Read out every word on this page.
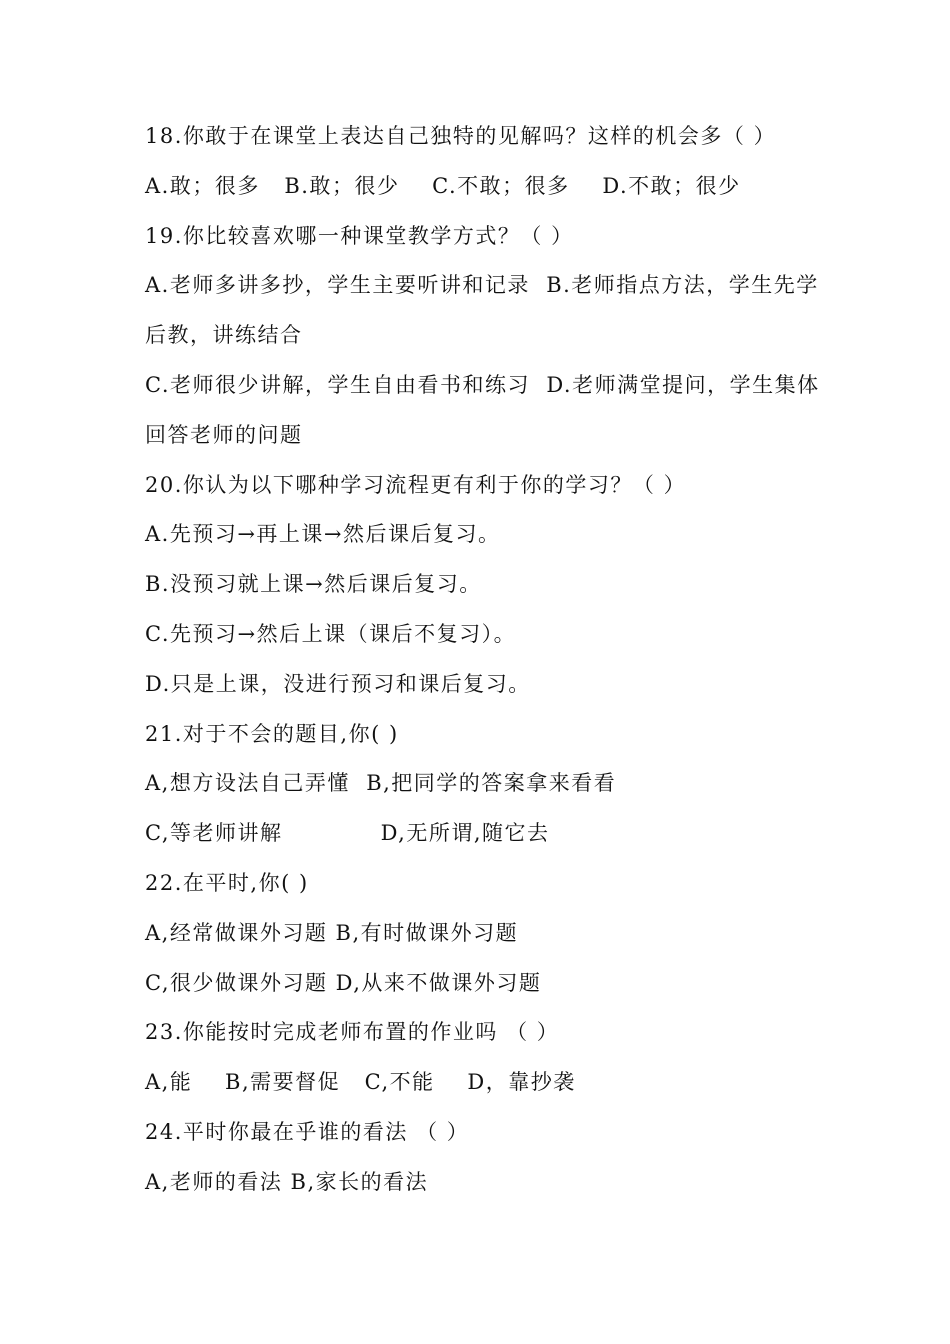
18.你敢于在课堂上表达自己独特的见解吗？这样的机会多（ ）
A.敢；很多   B.敢；很少    C.不敢；很多    D.不敢；很少
19.你比较喜欢哪一种课堂教学方式？（ ）
A.老师多讲多抄，学生主要听讲和记录  B.老师指点方法，学生先学
后教，讲练结合
C.老师很少讲解，学生自由看书和练习  D.老师满堂提问，学生集体
回答老师的问题
20.你认为以下哪种学习流程更有利于你的学习？（ ）
A.先预习→再上课→然后课后复习。
B.没预习就上课→然后课后复习。
C.先预习→然后上课（课后不复习）。
D.只是上课，没进行预习和课后复习。
21.对于不会的题目,你( )
A,想方设法自己弄懂  B,把同学的答案拿来看看
C,等老师讲解            D,无所谓,随它去
22.在平时,你( )
A,经常做课外习题 B,有时做课外习题
C,很少做课外习题 D,从来不做课外习题
23.你能按时完成老师布置的作业吗 （ ）
A,能    B,需要督促   C,不能    D，靠抄袭
24.平时你最在乎谁的看法 （ ）
A,老师的看法 B,家长的看法
